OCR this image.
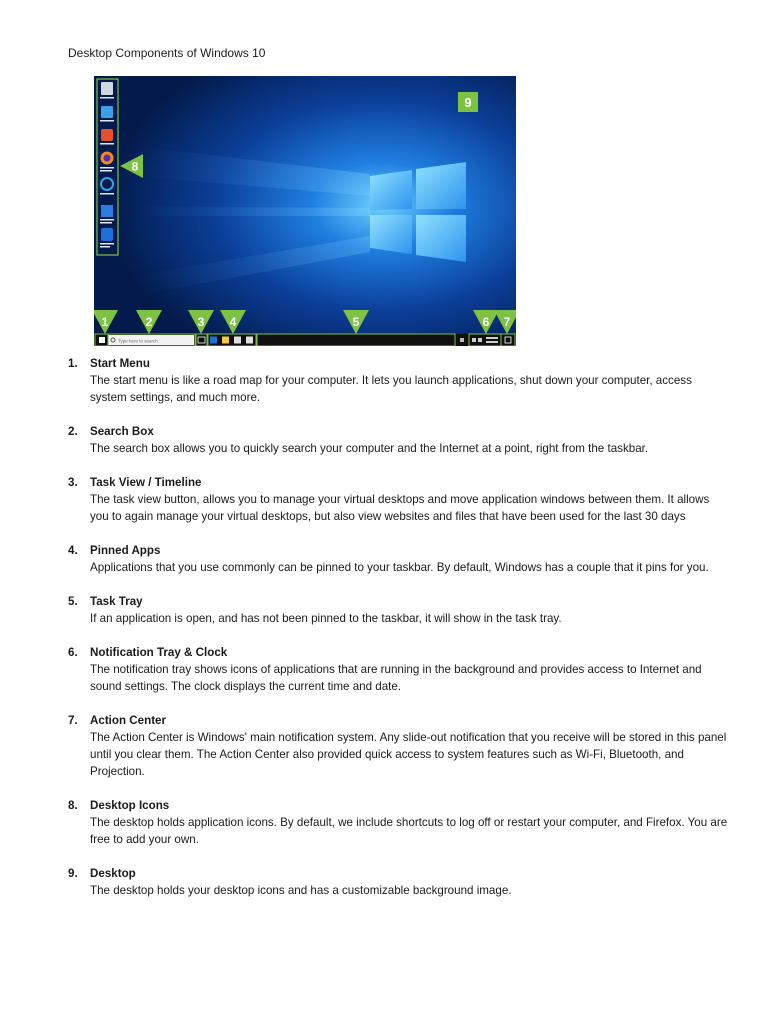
Desktop Components of Windows 10
8
9
Type here to search
1	2	3 4	5	6 7
1. Start Menu
The start menu is like a road map for your computer. It lets you launch applications, shut down your computer, access system settings, and much more.
2. Search Box
The search box allows you to quickly search your computer and the Internet at a point, right from the taskbar.
3. Task View / Timeline
The task view button, allows you to manage your virtual desktops and move application windows between them. It allows you to again manage your virtual desktops, but also view websites and files that have been used for the last 30 days
4. Pinned Apps
Applications that you use commonly can be pinned to your taskbar. By default, Windows has a couple that it pins for you.
5. Task Tray
If an application is open, and has not been pinned to the taskbar, it will show in the task tray.
6. Notification Tray & Clock
The notification tray shows icons of applications that are running in the background and provides access to Internet and sound settings. The clock displays the current time and date.
7. Action Center
The Action Center is Windows' main notification system. Any slide-out notification that you receive will be stored in this panel until you clear them. The Action Center also provided quick access to system features such as Wi-Fi, Bluetooth, and Projection.
8. Desktop Icons
The desktop holds application icons. By default, we include shortcuts to log off or restart your computer, and Firefox. You are free to add your own.
9. Desktop
The desktop holds your desktop icons and has a customizable background image.
